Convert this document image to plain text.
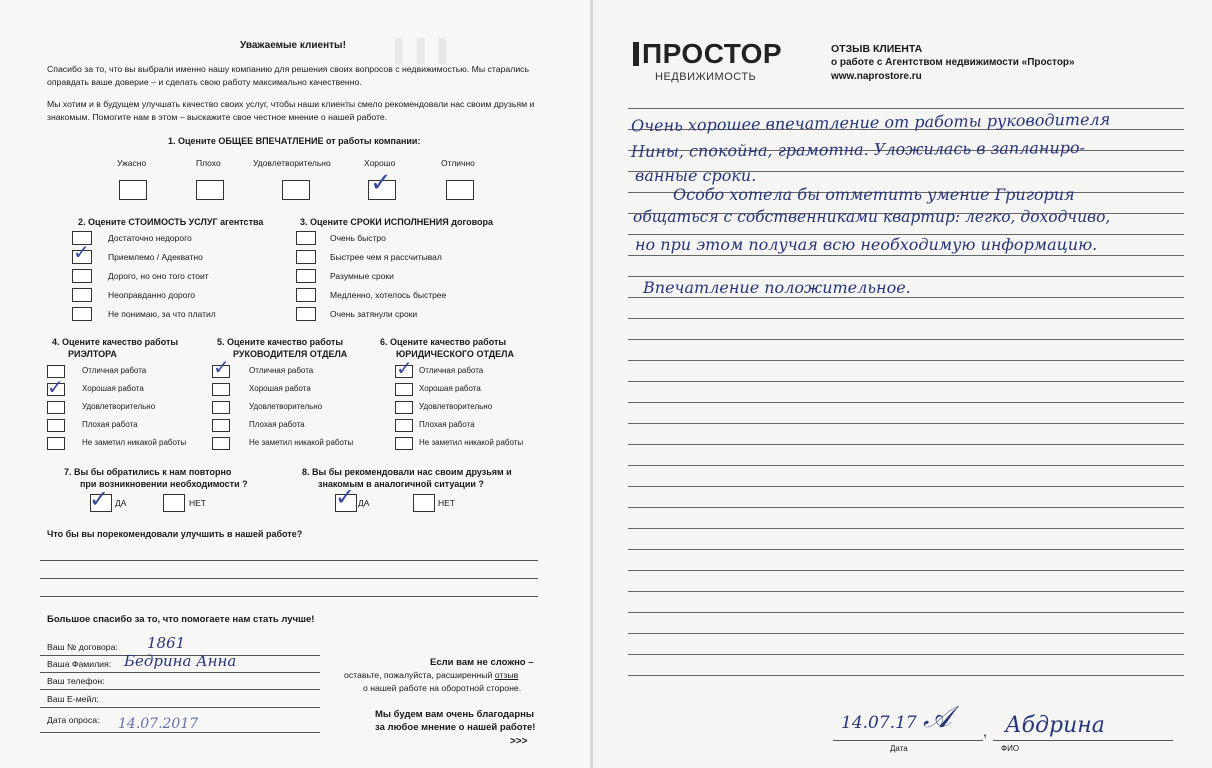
▌ ▌ ▌
Уважаемые клиенты!
Спасибо за то, что вы выбрали именно нашу компанию для решения своих вопросов с недвижимостью. Мы старались
оправдать ваше доверие – и сделать свою работу максимально качественно.
Мы хотим и в будущем улучшать качество своих услуг, чтобы наши клиенты смело рекомендовали нас своим друзьям и
знакомым. Помогите нам в этом – выскажите свое честное мнение о нашей работе.
1. Оцените ОБЩЕЕ ВПЕЧАТЛЕНИЕ от работы компании:
Ужасно	Плохо	Удовлетворительно	Хорошо	Отлично
✓
2. Оцените СТОИМОСТЬ УСЛУГ агентства
Достаточно недорого
✓ Приемлемо / Адекватно
Дорого, но оно того стоит
Неоправданно дорого
Не понимаю, за что платил
3. Оцените СРОКИ ИСПОЛНЕНИЯ договора
Очень быстро
Быстрее чем я рассчитывал
Разумные сроки
Медленно, хотелось быстрее
Очень затянули сроки
4. Оцените качество работы
РИЭЛТОРА
Отличная работа
✓ Хорошая работа
Удовлетворительно
Плохая работа
Не заметил никакой работы
5. Оцените качество работы
РУКОВОДИТЕЛЯ ОТДЕЛА
✓ Отличная работа
Хорошая работа
Удовлетворительно
Плохая работа
Не заметил никакой работы
6. Оцените качество работы
ЮРИДИЧЕСКОГО ОТДЕЛА
✓ Отличная работа
Хорошая работа
Удовлетворительно
Плохая работа
Не заметил никакой работы
7. Вы бы обратились к нам повторно
при возникновении необходимости ?
✓ ДА	НЕТ
8. Вы бы рекомендовали нас своим друзьям и
знакомым в аналогичной ситуации ?
✓ ДА	НЕТ
Что бы вы порекомендовали улучшить в нашей работе?
Большое спасибо за то, что помогаете нам стать лучше!
Ваш № договора: 1861
Ваша Фамилия: Бедрина Анна
Ваш телефон:
Ваш Е-мейл:
Дата опроса: 14.07.2017
Если вам не сложно –
оставьте, пожалуйста, расширенный отзыв
о нашей работе на оборотной стороне.
Мы будем вам очень благодарны
за любое мнение о нашей работе!
>>>
ПРОСТОР
НЕДВИЖИМОСТЬ
ОТЗЫВ КЛИЕНТА
о работе с Агентством недвижимости «Простор»
www.naprostore.ru
Очень хорошее впечатление от работы руководителя
Нины, спокойна, грамотна. Уложилась в запланиро-
ванные сроки.
Особо хотела бы отметить умение Григория
общаться с собственниками квартир: легко, доходчиво,
но при этом получая всю необходимую информацию.
Впечатление положительное.
14.07.17 𝒜 , Абдрина
Дата	ФИО
